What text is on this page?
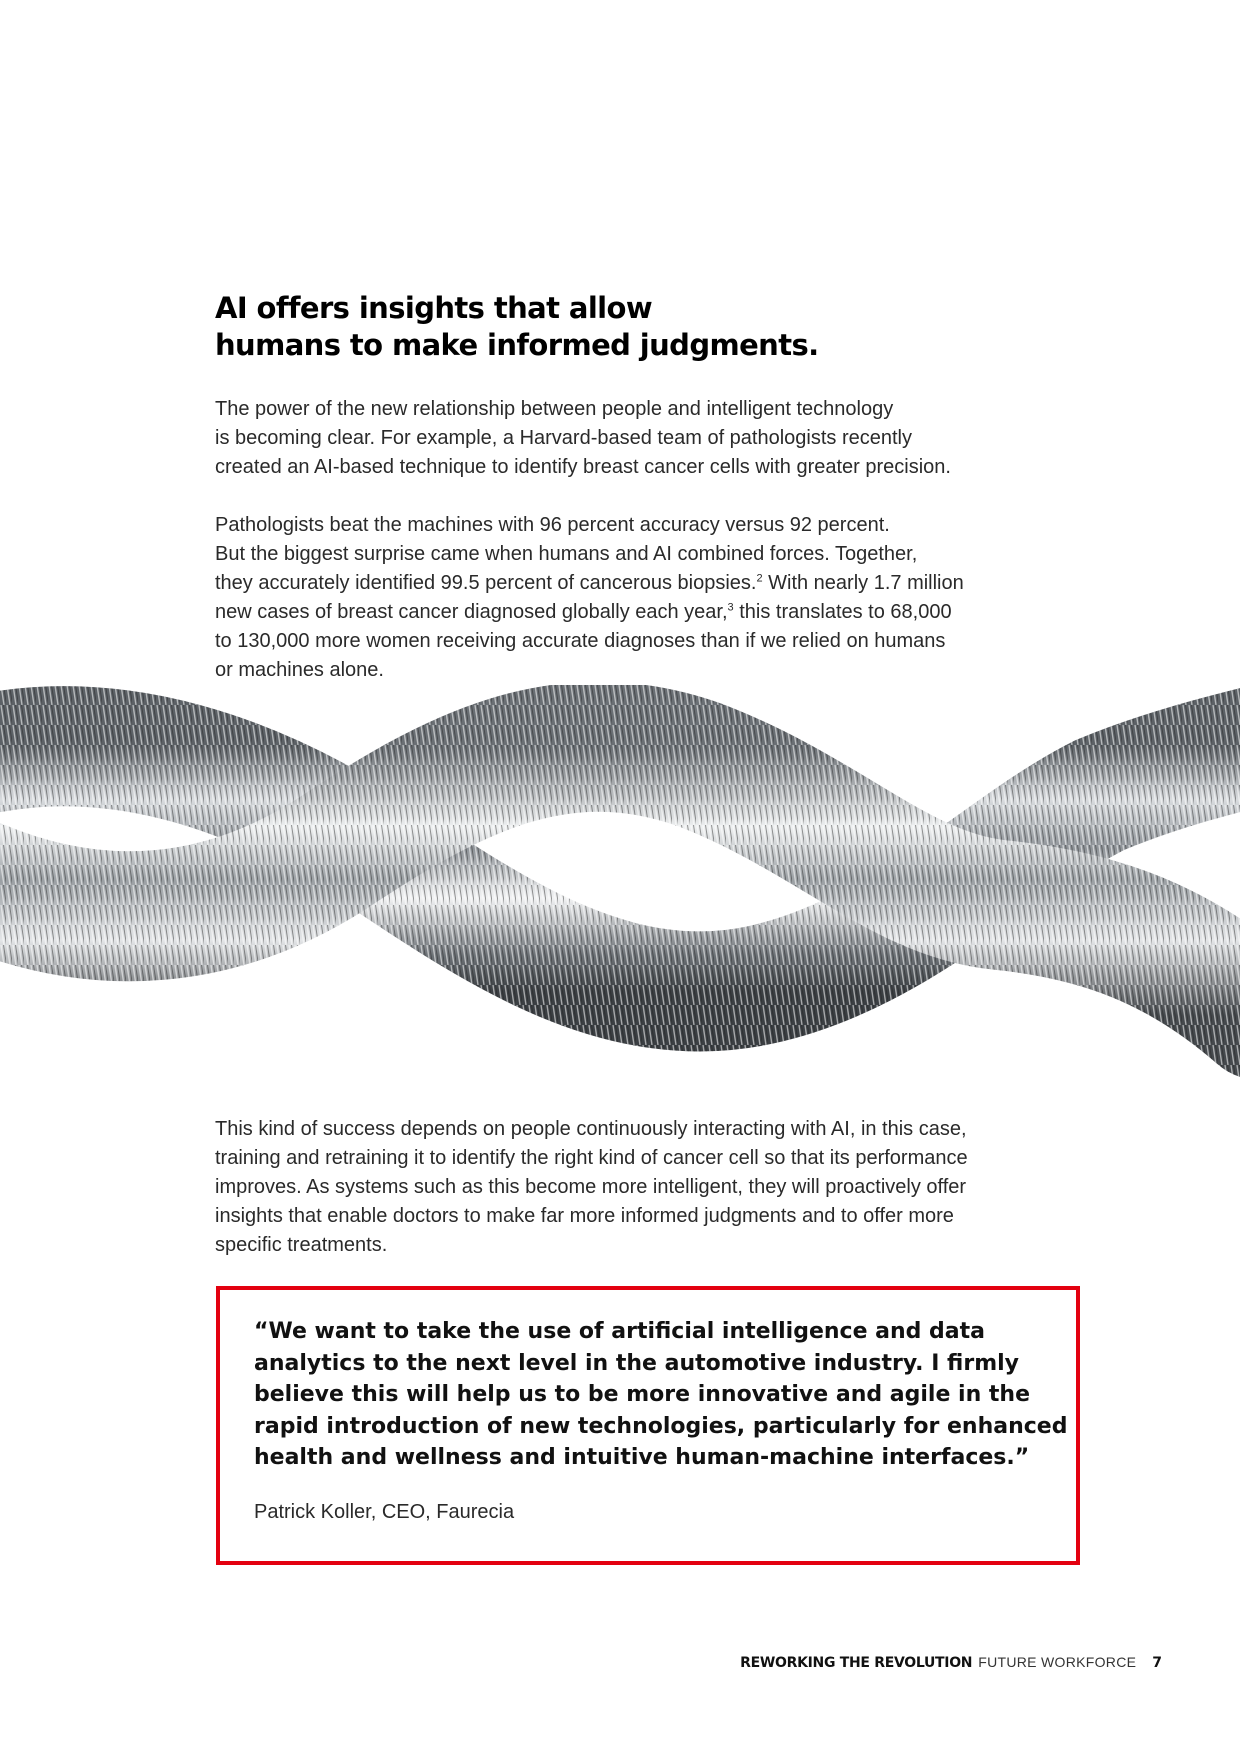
AI offers insights that allow
humans to make informed judgments.

The power of the new relationship between people and intelligent technology
is becoming clear. For example, a Harvard-based team of pathologists recently
created an AI-based technique to identify breast cancer cells with greater precision.

Pathologists beat the machines with 96 percent accuracy versus 92 percent.
But the biggest surprise came when humans and AI combined forces. Together,
they accurately identified 99.5 percent of cancerous biopsies.$^2$ With nearly 1.7 million
new cases of breast cancer diagnosed globally each year,$^3$ this translates to 68,000
to 130,000 more women receiving accurate diagnoses than if we relied on humans
or machines alone.

This kind of success depends on people continuously interacting with AI, in this case,
training and retraining it to identify the right kind of cancer cell so that its performance
improves. As systems such as this become more intelligent, they will proactively offer
insights that enable doctors to make far more informed judgments and to offer more
specific treatments.

“We want to take the use of artificial intelligence and data
analytics to the next level in the automotive industry. I firmly
believe this will help us to be more innovative and agile in the
rapid introduction of new technologies, particularly for enhanced
health and wellness and intuitive human-machine interfaces.”

Patrick Koller, CEO, Faurecia

REWORKING THE REVOLUTION FUTURE WORKFORCE 7
